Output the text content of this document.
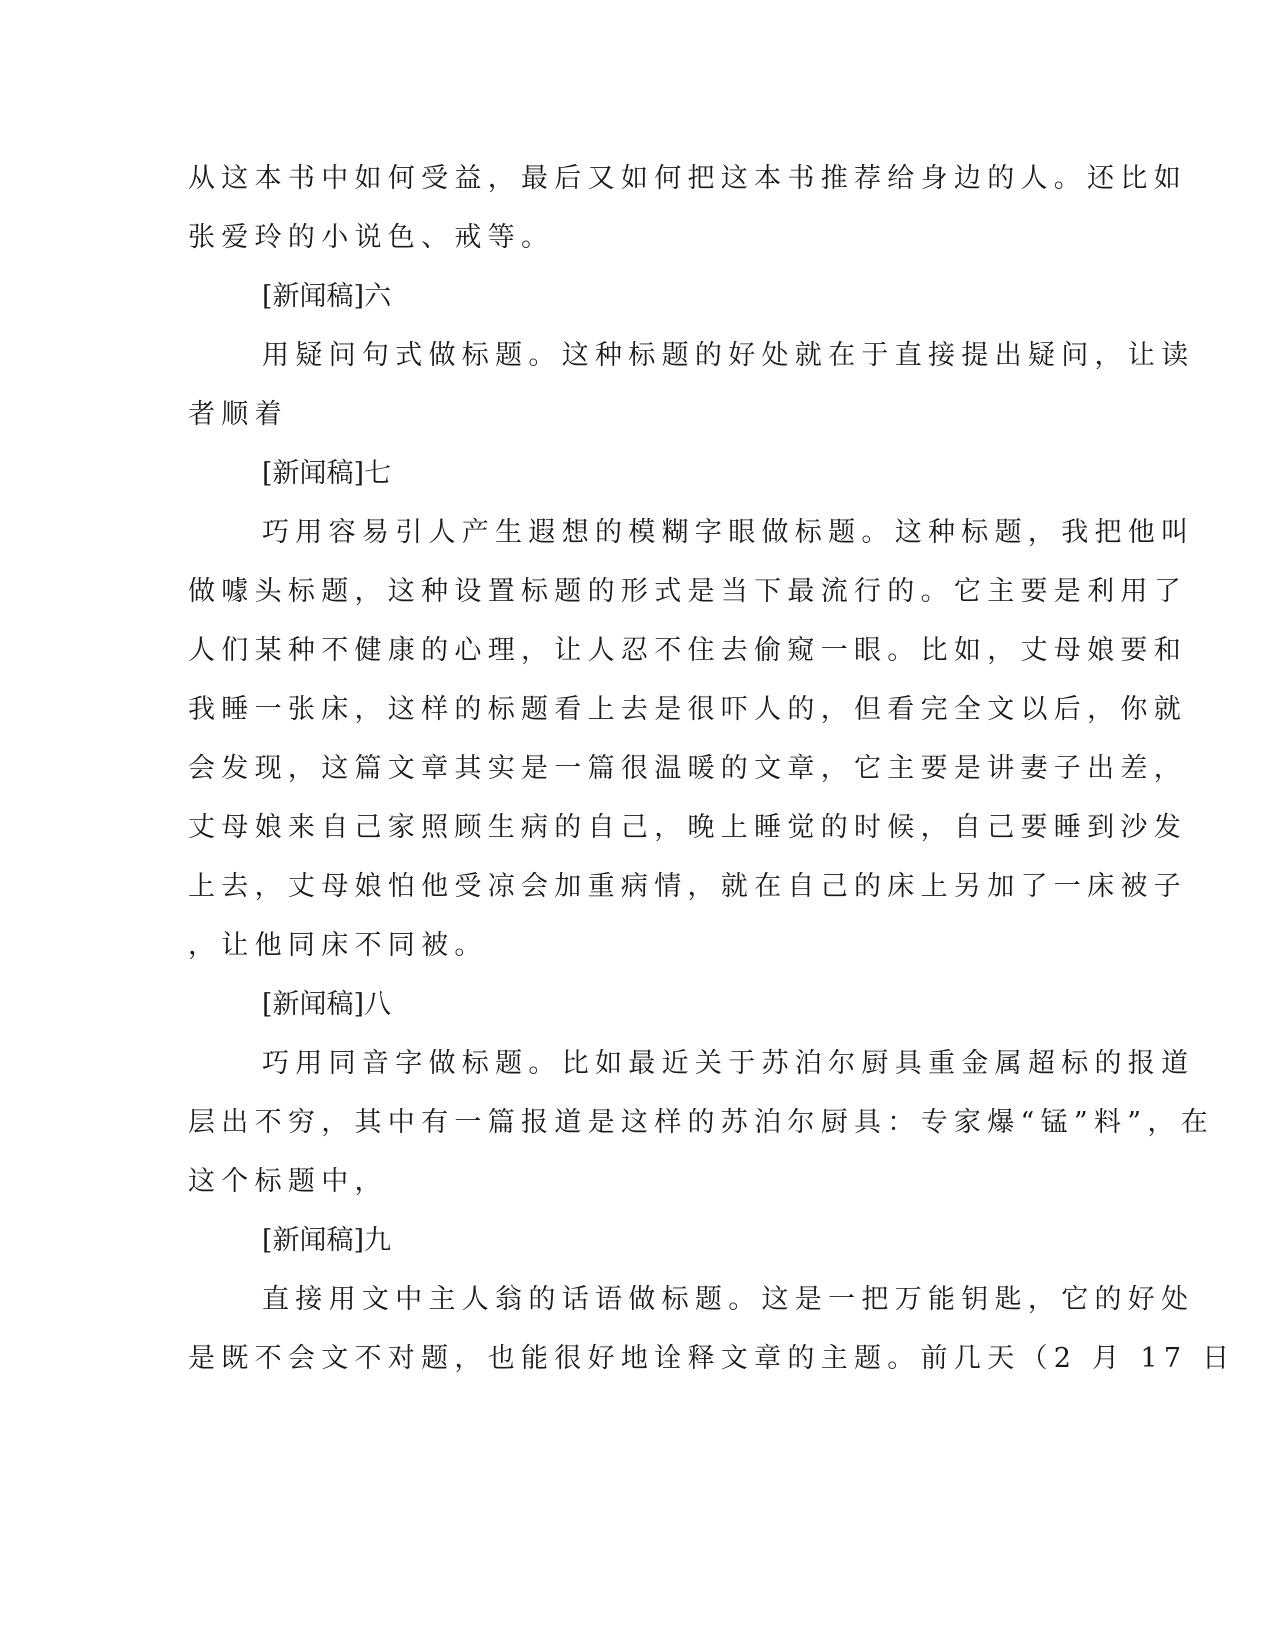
从这本书中如何受益，最后又如何把这本书推荐给身边的人。还比如
张爱玲的小说色、戒等。
[新闻稿]六
用疑问句式做标题。这种标题的好处就在于直接提出疑问，让读
者顺着
[新闻稿]七
巧用容易引人产生遐想的模糊字眼做标题。这种标题，我把他叫
做噱头标题，这种设置标题的形式是当下最流行的。它主要是利用了
人们某种不健康的心理，让人忍不住去偷窥一眼。比如，丈母娘要和
我睡一张床，这样的标题看上去是很吓人的，但看完全文以后，你就
会发现，这篇文章其实是一篇很温暖的文章，它主要是讲妻子出差，
丈母娘来自己家照顾生病的自己，晚上睡觉的时候，自己要睡到沙发
上去，丈母娘怕他受凉会加重病情，就在自己的床上另加了一床被子
，让他同床不同被。
[新闻稿]八
巧用同音字做标题。比如最近关于苏泊尔厨具重金属超标的报道
层出不穷，其中有一篇报道是这样的苏泊尔厨具：专家爆“锰”料”，在
这个标题中，
[新闻稿]九
直接用文中主人翁的话语做标题。这是一把万能钥匙，它的好处
是既不会文不对题，也能很好地诠释文章的主题。前几天（2 月 17 日
